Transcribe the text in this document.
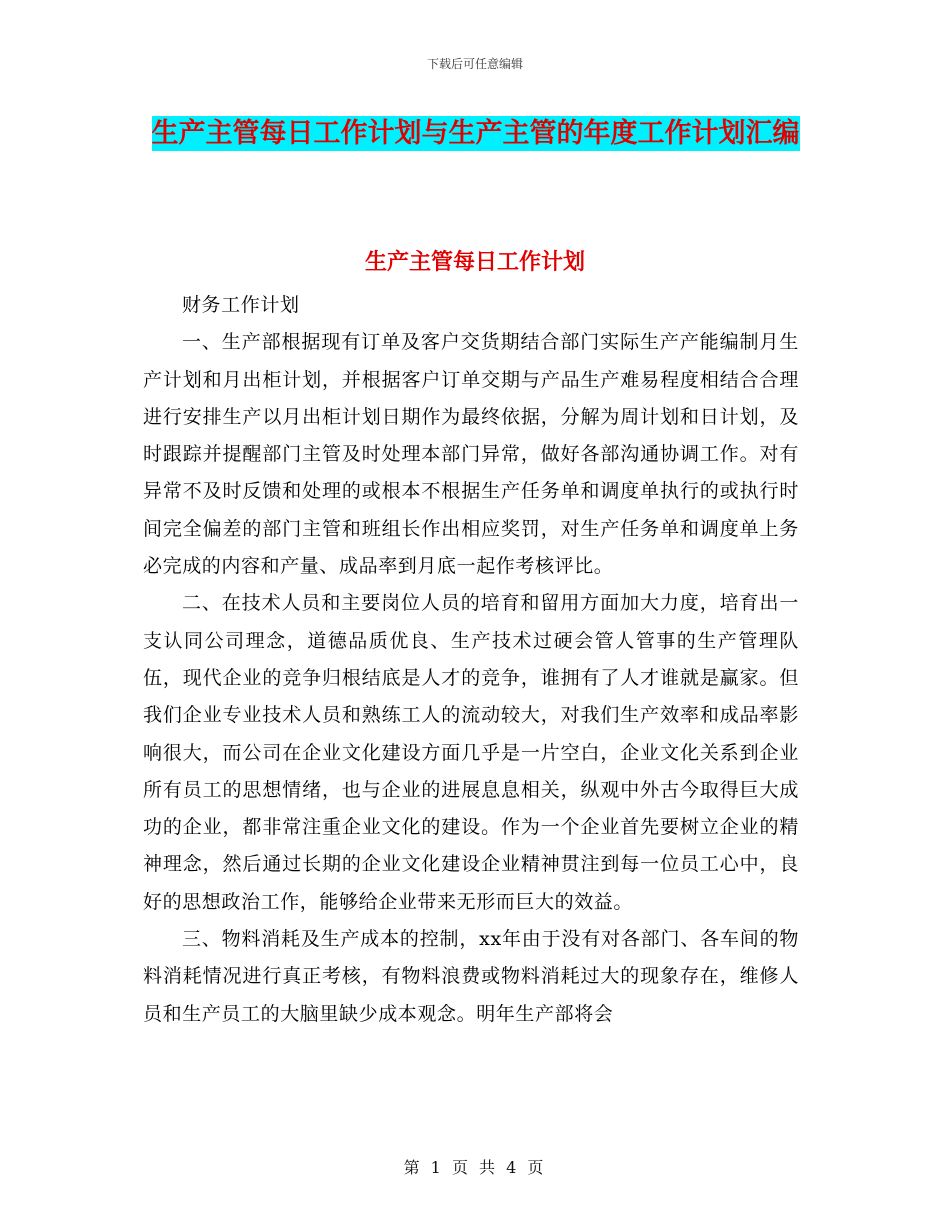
下载后可任意编辑
生产主管每日工作计划与生产主管的年度工作计划汇编
生产主管每日工作计划

财务工作计划

一、生产部根据现有订单及客户交货期结合部门实际生产产能编制月生产计划和月出柜计划，并根据客户订单交期与产品生产难易程度相结合合理进行安排生产以月出柜计划日期作为最终依据，分解为周计划和日计划，及时跟踪并提醒部门主管及时处理本部门异常，做好各部沟通协调工作。对有异常不及时反馈和处理的或根本不根据生产任务单和调度单执行的或执行时间完全偏差的部门主管和班组长作出相应奖罚，对生产任务单和调度单上务必完成的内容和产量、成品率到月底一起作考核评比。

二、在技术人员和主要岗位人员的培育和留用方面加大力度，培育出一支认同公司理念，道德品质优良、生产技术过硬会管人管事的生产管理队伍，现代企业的竞争归根结底是人才的竞争，谁拥有了人才谁就是赢家。但我们企业专业技术人员和熟练工人的流动较大，对我们生产效率和成品率影响很大，而公司在企业文化建设方面几乎是一片空白，企业文化关系到企业所有员工的思想情绪，也与企业的进展息息相关，纵观中外古今取得巨大成功的企业，都非常注重企业文化的建设。作为一个企业首先要树立企业的精神理念，然后通过长期的企业文化建设企业精神贯注到每一位员工心中，良好的思想政治工作，能够给企业带来无形而巨大的效益。

三、物料消耗及生产成本的控制，xx年由于没有对各部门、各车间的物料消耗情况进行真正考核，有物料浪费或物料消耗过大的现象存在，维修人员和生产员工的大脑里缺少成本观念。明年生产部将会

第 1 页 共 4 页
